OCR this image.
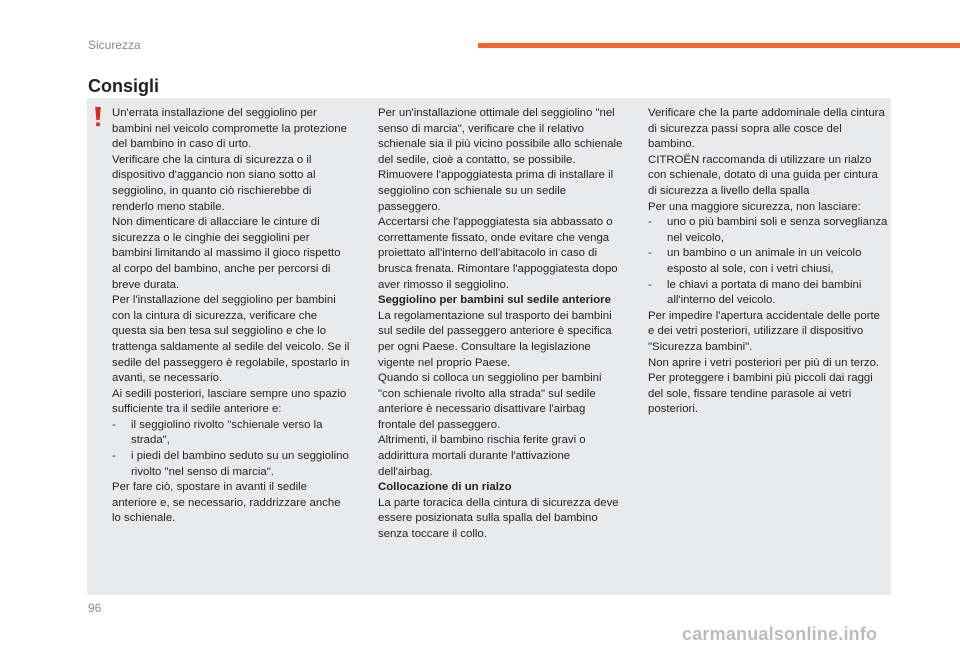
Sicurezza
Consigli

Un'errata installazione del seggiolino per bambini nel veicolo compromette la protezione del bambino in caso di urto.

Verificare che la cintura di sicurezza o il dispositivo d'aggancio non siano sotto al seggiolino, in quanto ciò rischierebbe di renderlo meno stabile.

Non dimenticare di allacciare le cinture di sicurezza o le cinghie dei seggiolini per bambini limitando al massimo il gioco rispetto al corpo del bambino, anche per percorsi di breve durata.

Per l'installazione del seggiolino per bambini con la cintura di sicurezza, verificare che questa sia ben tesa sul seggiolino e che lo trattenga saldamente al sedile del veicolo. Se il sedile del passeggero è regolabile, spostarlo in avanti, se necessario.

Ai sedili posteriori, lasciare sempre uno spazio sufficiente tra il sedile anteriore e:

- il seggiolino rivolto "schienale verso la strada",

- i piedi del bambino seduto su un seggiolino rivolto "nel senso di marcia".

Per fare ciò, spostare in avanti il sedile anteriore e, se necessario, raddrizzare anche lo schienale.

Per un'installazione ottimale del seggiolino "nel senso di marcia", verificare che il relativo schienale sia il più vicino possibile allo schienale del sedile, cioè a contatto, se possibile.

Rimuovere l'appoggiatesta prima di installare il seggiolino con schienale su un sedile passeggero.

Accertarsi che l'appoggiatesta sia abbassato o correttamente fissato, onde evitare che venga proiettato all'interno dell'abitacolo in caso di brusca frenata. Rimontare l'appoggiatesta dopo aver rimosso il seggiolino.

Seggiolino per bambini sul sedile anteriore

La regolamentazione sul trasporto dei bambini sul sedile del passeggero anteriore è specifica per ogni Paese. Consultare la legislazione vigente nel proprio Paese.

Quando si colloca un seggiolino per bambini "con schienale rivolto alla strada" sul sedile anteriore è necessario disattivare l'airbag frontale del passeggero.

Altrimenti, il bambino rischia ferite gravi o addirittura mortali durante l'attivazione dell'airbag.

Collocazione di un rialzo

La parte toracica della cintura di sicurezza deve essere posizionata sulla spalla del bambino senza toccare il collo.

Verificare che la parte addominale della cintura di sicurezza passi sopra alle cosce del bambino.

CITROËN raccomanda di utilizzare un rialzo con schienale, dotato di una guida per cintura di sicurezza a livello della spalla

Per una maggiore sicurezza, non lasciare:

- uno o più bambini soli e senza sorveglianza nel veicolo,

- un bambino o un animale in un veicolo esposto al sole, con i vetri chiusi,

- le chiavi a portata di mano dei bambini all'interno del veicolo.

Per impedire l'apertura accidentale delle porte e dei vetri posteriori, utilizzare il dispositivo "Sicurezza bambini".

Non aprire i vetri posteriori per più di un terzo.

Per proteggere i bambini più piccoli dai raggi del sole, fissare tendine parasole ai vetri posteriori.

96
carmanualsonline.info
